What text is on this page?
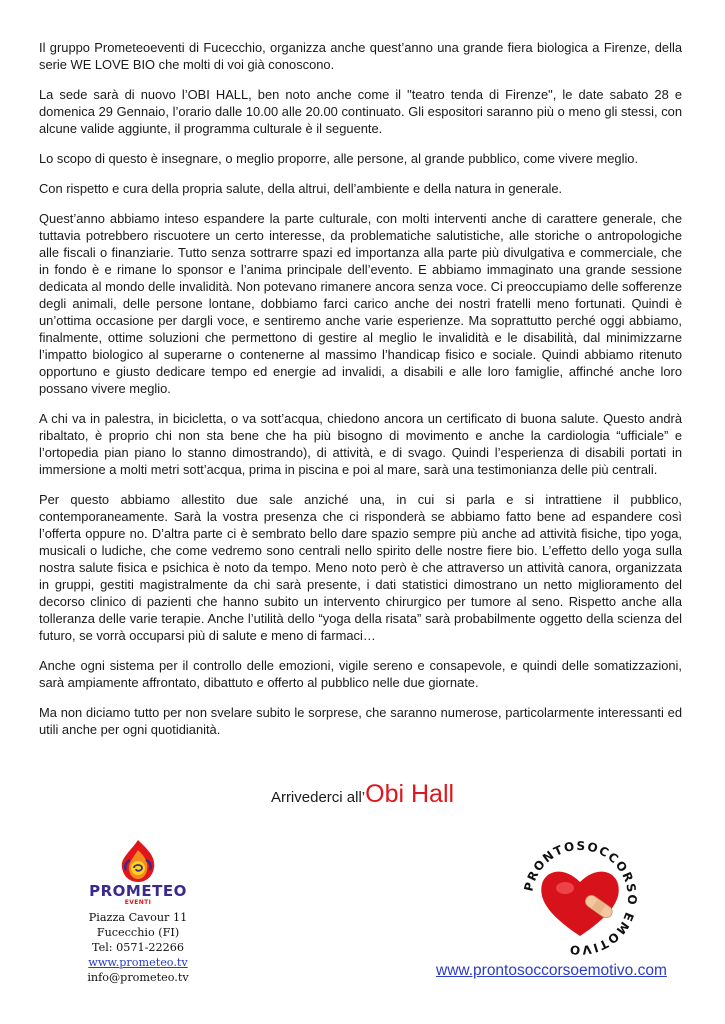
Il gruppo Prometeoeventi di Fucecchio, organizza anche quest’anno una grande fiera biologica a Firenze, della serie WE LOVE BIO che molti di voi già conoscono.

La sede sarà di nuovo l’OBI HALL, ben noto anche come il "teatro tenda di Firenze", le date sabato 28 e domenica 29 Gennaio, l’orario dalle 10.00 alle 20.00 continuato. Gli espositori saranno più o meno gli stessi, con alcune valide aggiunte, il programma culturale è il seguente.

Lo scopo di questo è insegnare, o meglio proporre, alle persone, al grande pubblico, come vivere meglio.

Con rispetto e cura della propria salute, della altrui, dell’ambiente e della natura in generale.

Quest’anno abbiamo inteso espandere la parte culturale, con molti interventi anche di carattere generale, che tuttavia potrebbero riscuotere un certo interesse, da problematiche salutistiche, alle storiche o antropologiche alle fiscali o finanziarie. Tutto senza sottrarre spazi ed importanza alla parte più divulgativa e commerciale, che in fondo è e rimane lo sponsor e l’anima principale dell’evento. E abbiamo immaginato una grande sessione dedicata al mondo delle invalidità. Non potevano rimanere ancora senza voce. Ci preoccupiamo delle sofferenze degli animali, delle persone lontane, dobbiamo farci carico anche dei nostri fratelli meno fortunati. Quindi è un’ottima occasione per dargli voce, e sentiremo anche varie esperienze. Ma soprattutto perché oggi abbiamo, finalmente, ottime soluzioni che permettono di gestire al meglio le invalidità e le disabilità, dal minimizzarne l’impatto biologico al superarne o contenerne al massimo l’handicap fisico e sociale. Quindi abbiamo ritenuto opportuno e giusto dedicare tempo ed energie ad invalidi, a disabili e alle loro famiglie, affinché anche loro possano vivere meglio.

A chi va in palestra, in bicicletta, o va sott’acqua, chiedono ancora un certificato di buona salute. Questo andrà ribaltato, è proprio chi non sta bene che ha più bisogno di movimento e anche la cardiologia “ufficiale” e l’ortopedia pian piano lo stanno dimostrando), di attività, e di svago. Quindi l’esperienza di disabili portati in immersione a molti metri sott’acqua, prima in piscina e poi al mare, sarà una testimonianza delle più centrali.

Per questo abbiamo allestito due sale anziché una, in cui si parla e si intrattiene il pubblico, contemporaneamente. Sarà la vostra presenza che ci risponderà se abbiamo fatto bene ad espandere così l’offerta oppure no. D’altra parte ci è sembrato bello dare spazio sempre più anche ad attività fisiche, tipo yoga, musicali o ludiche, che come vedremo sono centrali nello spirito delle nostre fiere bio. L’effetto dello yoga sulla nostra salute fisica e psichica è noto da tempo. Meno noto però è che attraverso un attività canora, organizzata in gruppi, gestiti magistralmente da chi sarà presente, i dati statistici dimostrano un netto miglioramento del decorso clinico di pazienti che hanno subito un intervento chirurgico per tumore al seno. Rispetto anche alla tolleranza delle varie terapie. Anche l’utilità dello “yoga della risata” sarà probabilmente oggetto della scienza del futuro, se vorrà occuparsi più di salute e meno di farmaci…

Anche ogni sistema per il controllo delle emozioni, vigile sereno e consapevole, e quindi delle somatizzazioni, sarà ampiamente affrontato, dibattuto e offerto al pubblico nelle due giornate.

Ma non diciamo tutto per non svelare subito le sorprese, che saranno numerose, particolarmente interessanti ed utili anche per ogni quotidianità.

Arrivederci all’Obi Hall
PROMETEO
EVENTI
Piazza Cavour 11
Fucecchio (FI)
Tel: 0571-22266
www.prometeo.tv
info@prometeo.tv
PRONTOSOCCORSO EMOTIVO
www.prontosoccorsoemotivo.com
